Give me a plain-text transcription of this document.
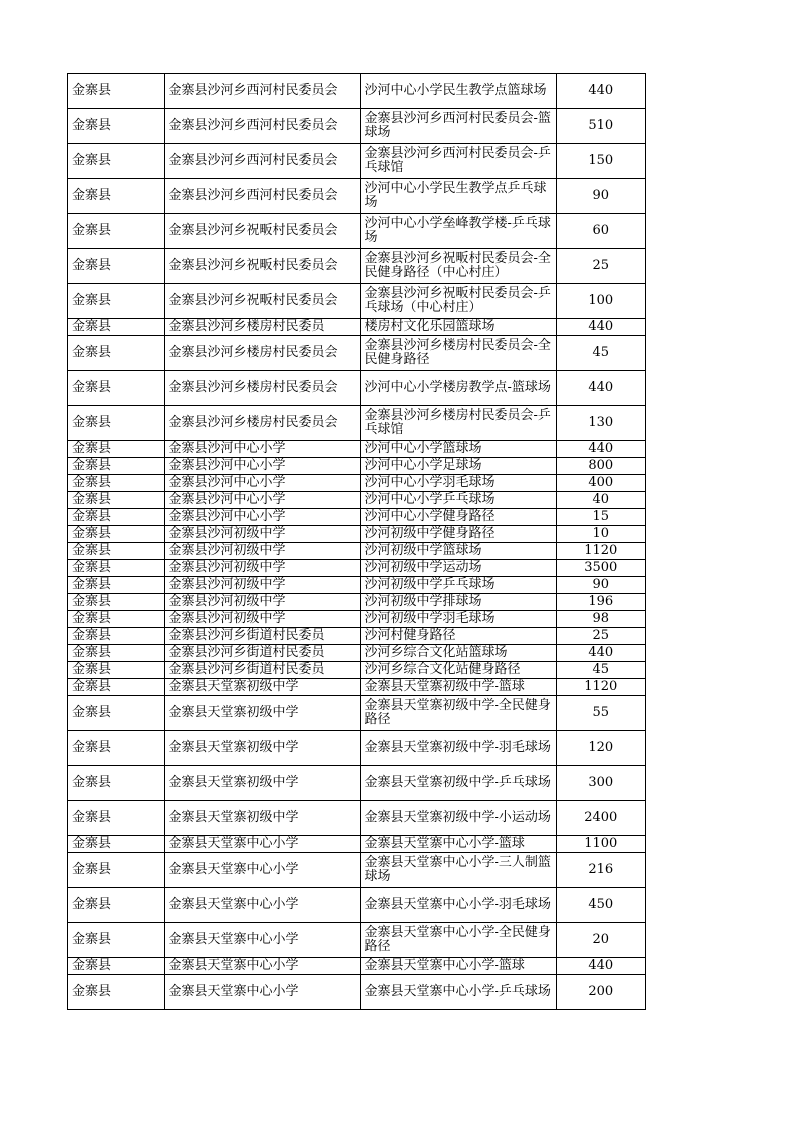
金寨县	金寨县沙河乡西河村民委员会	沙河中心小学民生教学点篮球场	440
金寨县	金寨县沙河乡西河村民委员会	金寨县沙河乡西河村民委员会-篮球场	510
金寨县	金寨县沙河乡西河村民委员会	金寨县沙河乡西河村民委员会-乒乓球馆	150
金寨县	金寨县沙河乡西河村民委员会	沙河中心小学民生教学点乒乓球场	90
金寨县	金寨县沙河乡祝畈村民委员会	沙河中心小学垒峰教学楼-乒乓球场	60
金寨县	金寨县沙河乡祝畈村民委员会	金寨县沙河乡祝畈村民委员会-全民健身路径（中心村庄）	25
金寨县	金寨县沙河乡祝畈村民委员会	金寨县沙河乡祝畈村民委员会-乒乓球场（中心村庄）	100
金寨县	金寨县沙河乡楼房村民委员	楼房村文化乐园篮球场	440
金寨县	金寨县沙河乡楼房村民委员会	金寨县沙河乡楼房村民委员会-全民健身路径	45
金寨县	金寨县沙河乡楼房村民委员会	沙河中心小学楼房教学点-篮球场	440
金寨县	金寨县沙河乡楼房村民委员会	金寨县沙河乡楼房村民委员会-乒乓球馆	130
金寨县	金寨县沙河中心小学	沙河中心小学篮球场	440
金寨县	金寨县沙河中心小学	沙河中心小学足球场	800
金寨县	金寨县沙河中心小学	沙河中心小学羽毛球场	400
金寨县	金寨县沙河中心小学	沙河中心小学乒乓球场	40
金寨县	金寨县沙河中心小学	沙河中心小学健身路径	15
金寨县	金寨县沙河初级中学	沙河初级中学健身路径	10
金寨县	金寨县沙河初级中学	沙河初级中学篮球场	1120
金寨县	金寨县沙河初级中学	沙河初级中学运动场	3500
金寨县	金寨县沙河初级中学	沙河初级中学乒乓球场	90
金寨县	金寨县沙河初级中学	沙河初级中学排球场	196
金寨县	金寨县沙河初级中学	沙河初级中学羽毛球场	98
金寨县	金寨县沙河乡街道村民委员	沙河村健身路径	25
金寨县	金寨县沙河乡街道村民委员	沙河乡综合文化站篮球场	440
金寨县	金寨县沙河乡街道村民委员	沙河乡综合文化站健身路径	45
金寨县	金寨县天堂寨初级中学	金寨县天堂寨初级中学-篮球	1120
金寨县	金寨县天堂寨初级中学	金寨县天堂寨初级中学-全民健身路径	55
金寨县	金寨县天堂寨初级中学	金寨县天堂寨初级中学-羽毛球场	120
金寨县	金寨县天堂寨初级中学	金寨县天堂寨初级中学-乒乓球场	300
金寨县	金寨县天堂寨初级中学	金寨县天堂寨初级中学-小运动场	2400
金寨县	金寨县天堂寨中心小学	金寨县天堂寨中心小学-篮球	1100
金寨县	金寨县天堂寨中心小学	金寨县天堂寨中心小学-三人制篮球场	216
金寨县	金寨县天堂寨中心小学	金寨县天堂寨中心小学-羽毛球场	450
金寨县	金寨县天堂寨中心小学	金寨县天堂寨中心小学-全民健身路径	20
金寨县	金寨县天堂寨中心小学	金寨县天堂寨中心小学-篮球	440
金寨县	金寨县天堂寨中心小学	金寨县天堂寨中心小学-乒乓球场	200
